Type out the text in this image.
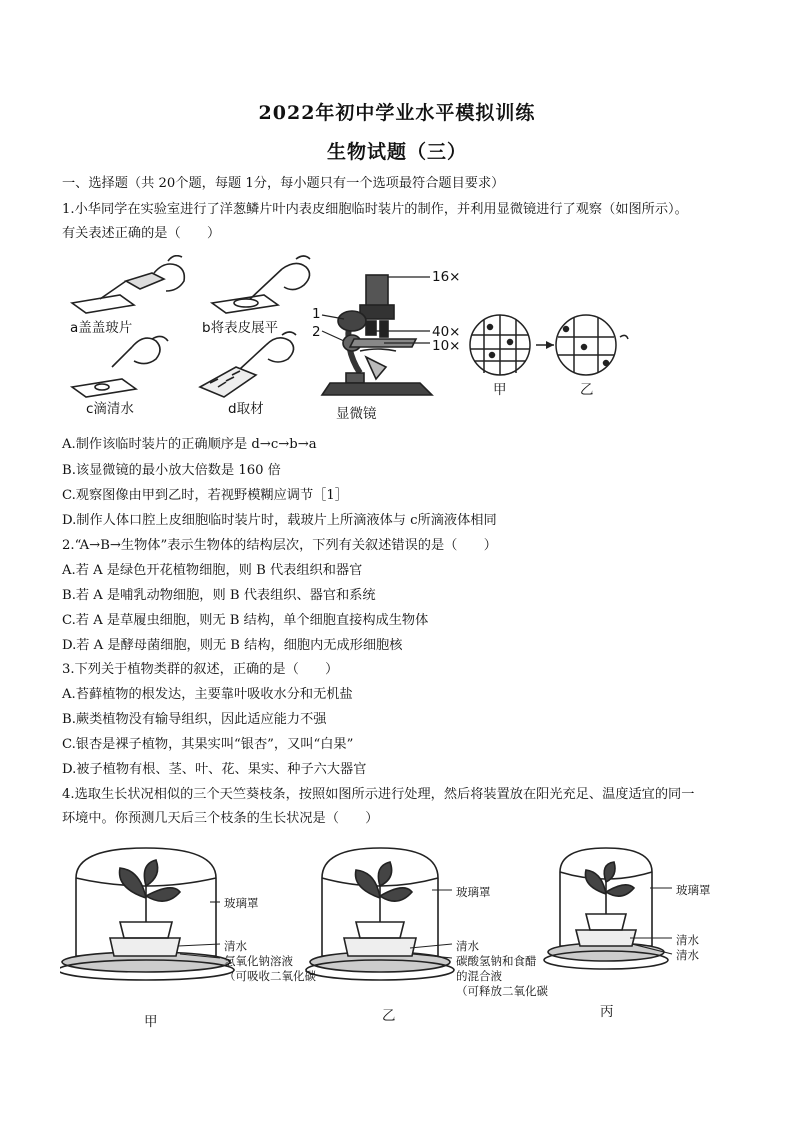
2022年初中学业水平模拟训练
生物试题（三）
一、选择题（共 20个题，每题 1分，每小题只有一个选项最符合题目要求）
1.小华同学在实验室进行了洋葱鳞片叶内表皮细胞临时装片的制作，并利用显微镜进行了观察（如图所示）。
有关表述正确的是（　　）
a盖盖玻片	b将表皮展平
c滴清水	d取材	显微镜
16×
40×
10×
1
2
甲	乙
A.制作该临时装片的正确顺序是 d→c→b→a
B.该显微镜的最小放大倍数是 160 倍
C.观察图像由甲到乙时，若视野模糊应调节［1］
D.制作人体口腔上皮细胞临时装片时，载玻片上所滴液体与 c所滴液体相同
2.“A→B→生物体”表示生物体的结构层次，下列有关叙述错误的是（　　）
A.若 A 是绿色开花植物细胞，则 B 代表组织和器官
B.若 A 是哺乳动物细胞，则 B 代表组织、器官和系统
C.若 A 是草履虫细胞，则无 B 结构，单个细胞直接构成生物体
D.若 A 是酵母菌细胞，则无 B 结构，细胞内无成形细胞核
3.下列关于植物类群的叙述，正确的是（　　）
A.苔藓植物的根发达，主要靠叶吸收水分和无机盐
B.蕨类植物没有输导组织，因此适应能力不强
C.银杏是裸子植物，其果实叫“银杏”，又叫“白果”
D.被子植物有根、茎、叶、花、果实、种子六大器官
4.选取生长状况相似的三个天竺葵枝条，按照如图所示进行处理，然后将装置放在阳光充足、温度适宜的同一
环境中。你预测几天后三个枝条的生长状况是（　　）
玻璃罩
清水
氢氧化钠溶液
（可吸收二氧化碳
玻璃罩
清水
碳酸氢钠和食醋
的混合液
（可释放二氧化碳
玻璃罩
清水
清水
甲	乙	丙
